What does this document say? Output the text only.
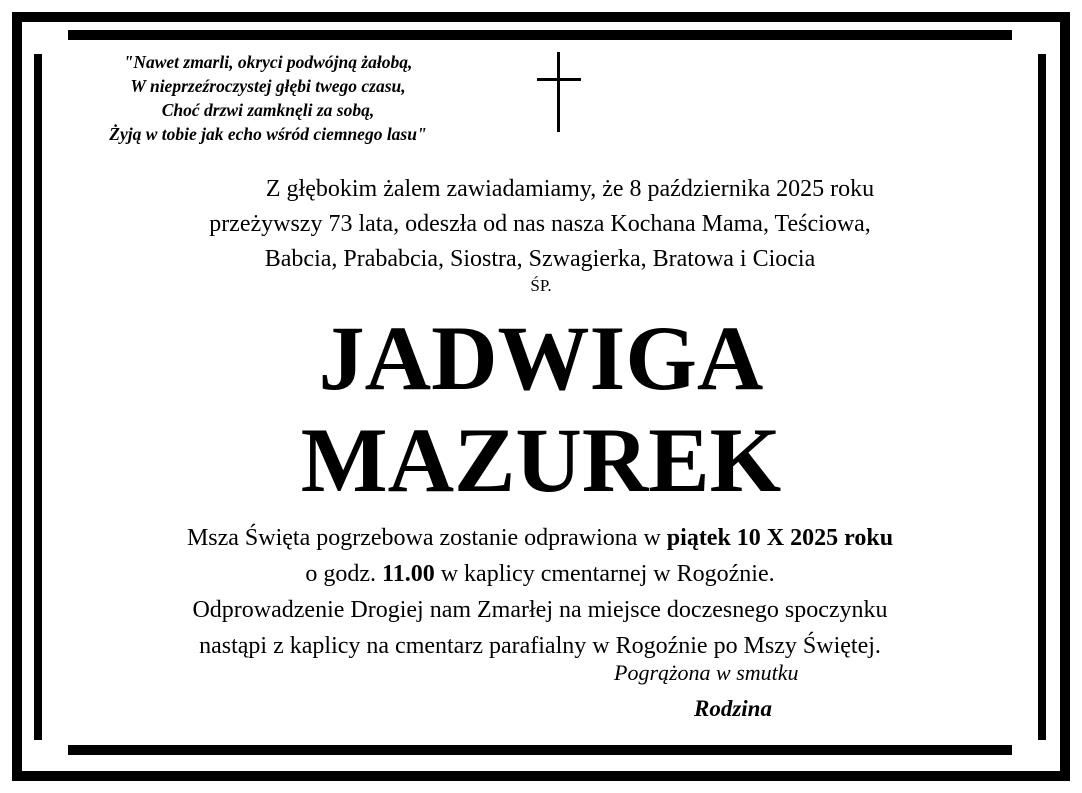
"Nawet zmarli, okryci podwójną żałobą,
W nieprzeźroczystej głębi twego czasu,
Choć drzwi zamknęli za sobą,
Żyją w tobie jak echo wśród ciemnego lasu"
Z głębokim żalem zawiadamiamy, że 8 października 2025 roku
przeżywszy 73 lata, odeszła od nas nasza Kochana Mama, Teściowa,
Babcia, Prababcia, Siostra, Szwagierka, Bratowa i Ciocia
ŚP.
JADWIGA
MAZUREK
Msza Święta pogrzebowa zostanie odprawiona w piątek 10 X 2025 roku
o godz. 11.00 w kaplicy cmentarnej w Rogoźnie.
Odprowadzenie Drogiej nam Zmarłej na miejsce doczesnego spoczynku
nastąpi z kaplicy na cmentarz parafialny w Rogoźnie po Mszy Świętej.
Pogrążona w smutku
Rodzina
